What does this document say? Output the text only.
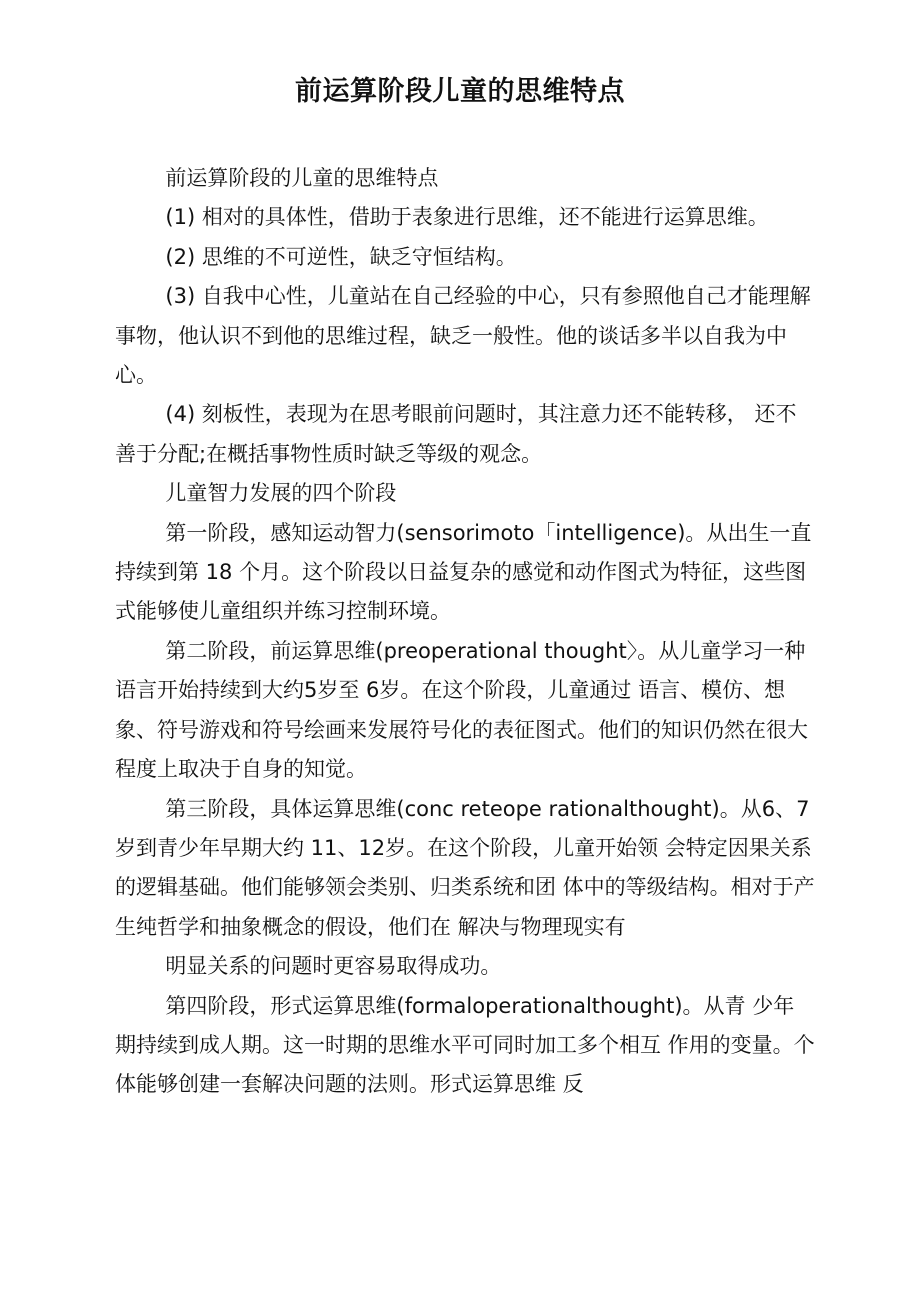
前运算阶段儿童的思维特点

前运算阶段的儿童的思维特点

(1) 相对的具体性，借助于表象进行思维，还不能进行运算思维。

(2) 思维的不可逆性，缺乏守恒结构。

(3) 自我中心性，儿童站在自己经验的中心，只有参照他自己才能理解事物，他认识不到他的思维过程，缺乏一般性。他的谈话多半以自我为中心。

(4) 刻板性，表现为在思考眼前问题时，其注意力还不能转移， 还不善于分配;在概括事物性质时缺乏等级的观念。

儿童智力发展的四个阶段

第一阶段，感知运动智力(sensorimoto「intelligence)。从出生一直持续到第 18 个月。这个阶段以日益复杂的感觉和动作图式为特征，这些图式能够使儿童组织并练习控制环境。

第二阶段，前运算思维(preoperational thought〉。从儿童学习一种语言开始持续到大约5岁至 6岁。在这个阶段，儿童通过 语言、模仿、想象、符号游戏和符号绘画来发展符号化的表征图式。他们的知识仍然在很大程度上取决于自身的知觉。

第三阶段，具体运算思维(conc reteope rationalthought)。从6、7岁到青少年早期大约 11、12岁。在这个阶段，儿童开始领 会特定因果关系的逻辑基础。他们能够领会类别、归类系统和团 体中的等级结构。相对于产生纯哲学和抽象概念的假设，他们在 解决与物理现实有

明显关系的问题时更容易取得成功。

第四阶段，形式运算思维(formaloperationalthought)。从青 少年期持续到成人期。这一时期的思维水平可同时加工多个相互 作用的变量。个体能够创建一套解决问题的法则。形式运算思维 反
